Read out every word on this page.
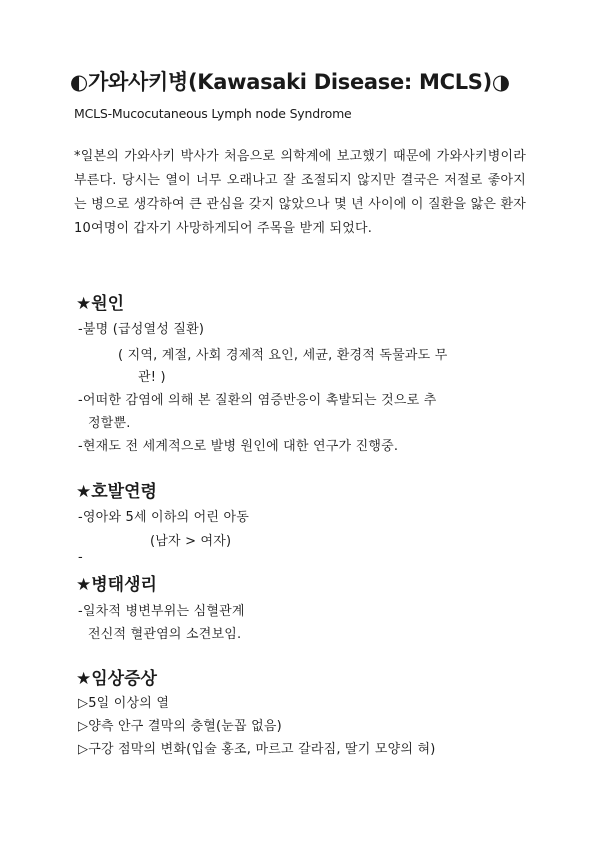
◐가와사키병(Kawasaki Disease: MCLS)◑
MCLS-Mucocutaneous Lymph node Syndrome
*일본의 가와사키 박사가 처음으로 의학계에 보고했기 때문에 가와사키병이라 부른다. 당시는 열이 너무 오래나고 잘 조절되지 않지만 결국은 저절로 좋아지는 병으로 생각하여 큰 관심을 갖지 않았으나 몇 년 사이에 이 질환을 앓은 환자 10여명이 갑자기 사망하게되어 주목을 받게 되었다.
★원인
-불명 (급성열성 질환)
( 지역, 계절, 사회 경제적 요인, 세균, 환경적 독물과도 무
관! )
-어떠한 감염에 의해 본 질환의 염증반응이 촉발되는 것으로 추
정할뿐.
-현재도 전 세계적으로 발병 원인에 대한 연구가 진행중.
★호발연령
-영아와 5세 이하의 어린 아동
(남자 > 여자)
-
★병태생리
-일차적 병변부위는 심혈관계
전신적 혈관염의 소견보임.
★임상증상
▷5일 이상의 열
▷양측 안구 결막의 충혈(눈꼽 없음)
▷구강 점막의 변화(입술 홍조, 마르고 갈라짐, 딸기 모양의 혀)
